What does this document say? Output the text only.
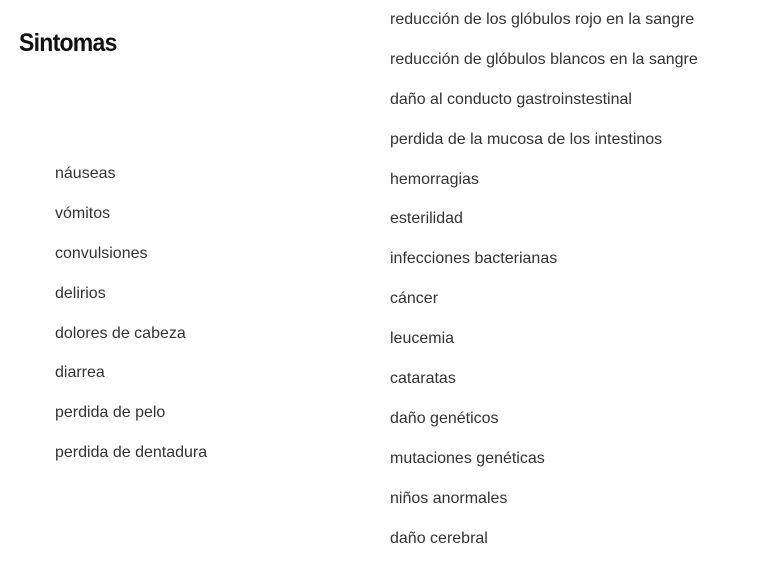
Sintomas
náuseas
vómitos
convulsiones
delirios
dolores de cabeza
diarrea
perdida de pelo
perdida de dentadura
reducción de los glóbulos rojo en la sangre
reducción de glóbulos blancos en la sangre
daño al conducto gastroinstestinal
perdida de la mucosa de los intestinos
hemorragias
esterilidad
infecciones bacterianas
cáncer
leucemia
cataratas
daño genéticos
mutaciones genéticas
niños anormales
daño cerebral
